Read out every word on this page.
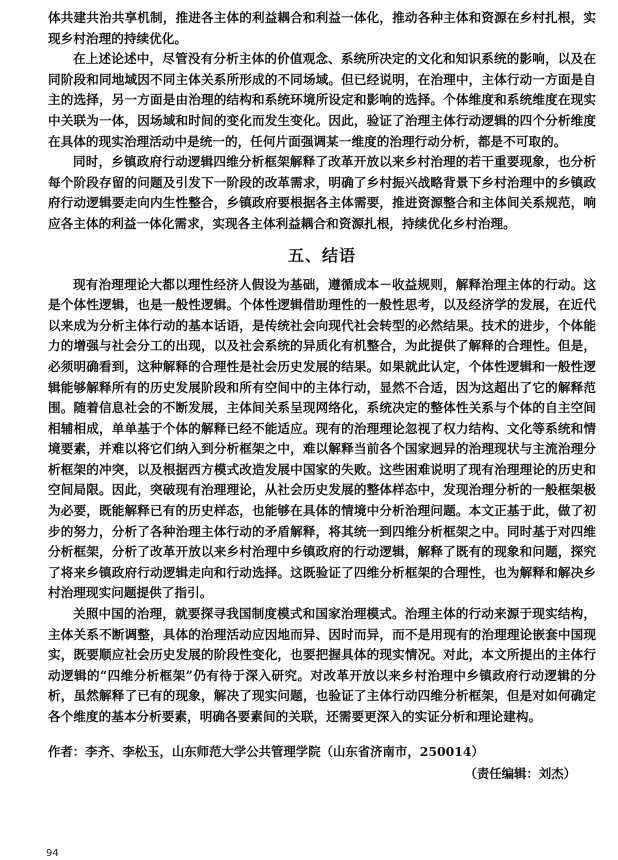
体共建共治共享机制，推进各主体的利益耦合和利益一体化，推动各种主体和资源在乡村扎根，实现乡村治理的持续优化。

在上述论述中，尽管没有分析主体的价值观念、系统所决定的文化和知识系统的影响，以及在同阶段和同地域因不同主体关系所形成的不同场域。但已经说明，在治理中，主体行动一方面是自主的选择，另一方面是由治理的结构和系统环境所设定和影响的选择。个体维度和系统维度在现实中关联为一体，因场域和时间的变化而发生变化。因此，验证了治理主体行动逻辑的四个分析维度在具体的现实治理活动中是统一的，任何片面强调某一维度的治理行动分析，都是不可取的。

同时，乡镇政府行动逻辑四维分析框架解释了改革开放以来乡村治理的若干重要现象，也分析每个阶段存留的问题及引发下一阶段的改革需求，明确了乡村振兴战略背景下乡村治理中的乡镇政府行动逻辑要走向内生性整合，乡镇政府要根据各主体需要，推进资源整合和主体间关系规范，响应各主体的利益一体化需求，实现各主体利益耦合和资源扎根，持续优化乡村治理。

五、结语

现有治理理论大都以理性经济人假设为基础，遵循成本－收益规则，解释治理主体的行动。这是个体性逻辑，也是一般性逻辑。个体性逻辑借助理性的一般性思考，以及经济学的发展，在近代以来成为分析主体行动的基本话语，是传统社会向现代社会转型的必然结果。技术的进步，个体能力的增强与社会分工的出现，以及社会系统的异质化有机整合，为此提供了解释的合理性。但是，必须明确看到，这种解释的合理性是社会历史发展的结果。如果就此认定，个体性逻辑和一般性逻辑能够解释所有的历史发展阶段和所有空间中的主体行动，显然不合适，因为这超出了它的解释范围。随着信息社会的不断发展，主体间关系呈现网络化，系统决定的整体性关系与个体的自主空间相辅相成，单单基于个体的解释已经不能适应。现有的治理理论忽视了权力结构、文化等系统和情境要素，并难以将它们纳入到分析框架之中，难以解释当前各个国家迥异的治理现状与主流治理分析框架的冲突，以及根据西方模式改造发展中国家的失败。这些困难说明了现有治理理论的历史和空间局限。因此，突破现有治理理论，从社会历史发展的整体样态中，发现治理分析的一般框架极为必要，既能解释已有的历史样态，也能够在具体的情境中分析治理问题。本文正基于此，做了初步的努力，分析了各种治理主体行动的矛盾解释，将其统一到四维分析框架之中。同时基于对四维分析框架，分析了改革开放以来乡村治理中乡镇政府的行动逻辑，解释了既有的现象和问题，探究了将来乡镇政府行动逻辑走向和行动选择。这既验证了四维分析框架的合理性，也为解释和解决乡村治理现实问题提供了指引。

关照中国的治理，就要探寻我国制度模式和国家治理模式。治理主体的行动来源于现实结构，主体关系不断调整，具体的治理活动应因地而异、因时而异，而不是用现有的治理理论嵌套中国现实，既要顺应社会历史发展的阶段性变化，也要把握具体的现实情况。对此，本文所提出的主体行动逻辑的“四维分析框架”仍有待于深入研究。对改革开放以来乡村治理中乡镇政府行动逻辑的分析，虽然解释了已有的现象，解决了现实问题，也验证了主体行动四维分析框架，但是对如何确定各个维度的基本分析要素，明确各要素间的关联，还需要更深入的实证分析和理论建构。

作者：李齐、李松玉，山东师范大学公共管理学院（山东省济南市，250014）

（责任编辑：刘杰）

94
